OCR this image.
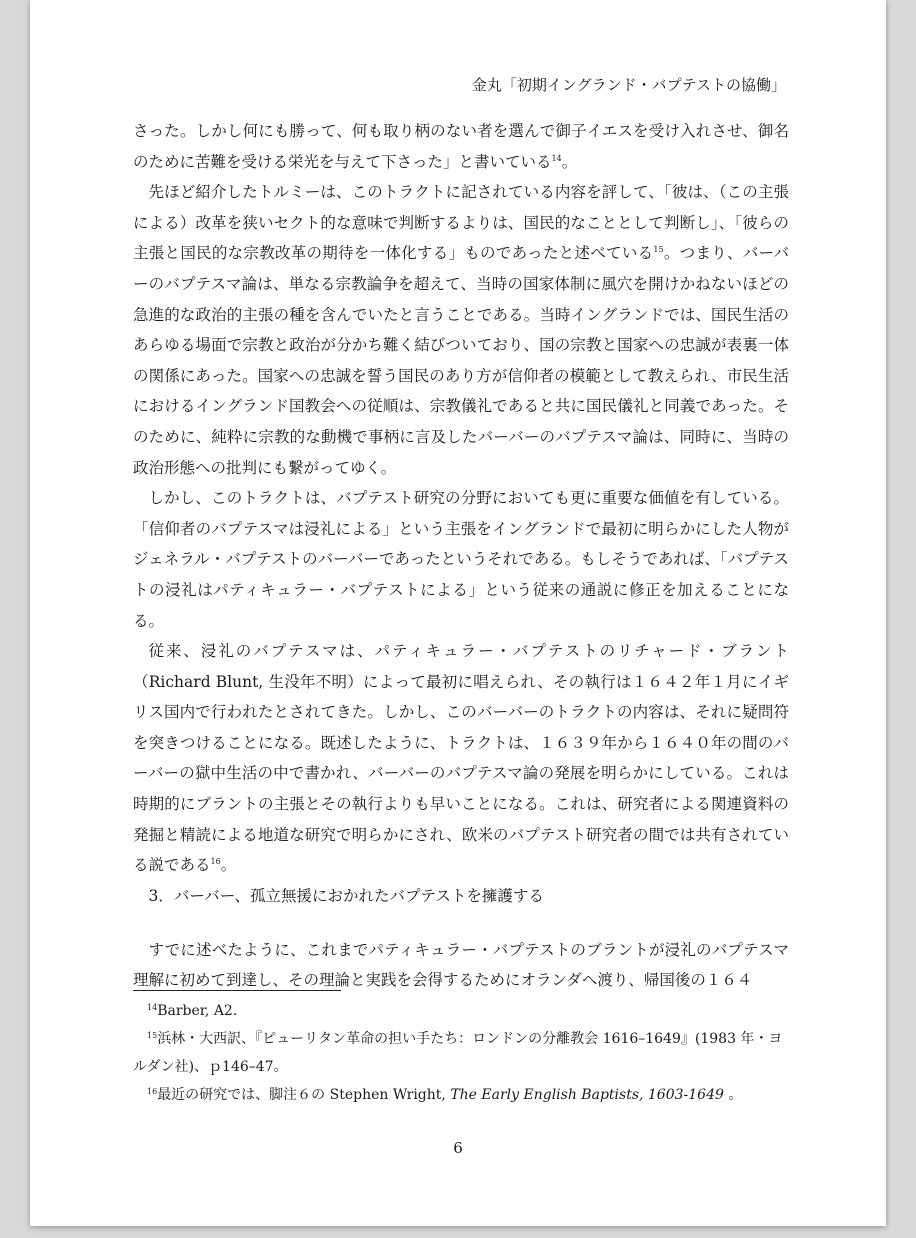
金丸「初期イングランド・バプテストの協働」

さった。しかし何にも勝って、何も取り柄のない者を選んで御子イエスを受け入れさせ、御名のために苦難を受ける栄光を与えて下さった」と書いている$^{14}$。

先ほど紹介したトルミーは、このトラクトに記されている内容を評して、「彼は、（この主張による）改革を狭いセクト的な意味で判断するよりは、国民的なこととして判断し」、「彼らの主張と国民的な宗教改革の期待を一体化する」ものであったと述べている$^{15}$。つまり、バーバーのバプテスマ論は、単なる宗教論争を超えて、当時の国家体制に風穴を開けかねないほどの急進的な政治的主張の種を含んでいたと言うことである。当時イングランドでは、国民生活のあらゆる場面で宗教と政治が分かち難く結びついており、国の宗教と国家への忠誠が表裏一体の関係にあった。国家への忠誠を誓う国民のあり方が信仰者の模範として教えられ、市民生活におけるイングランド国教会への従順は、宗教儀礼であると共に国民儀礼と同義であった。そのために、純粋に宗教的な動機で事柄に言及したバーバーのバプテスマ論は、同時に、当時の政治形態への批判にも繋がってゆく。

しかし、このトラクトは、バプテスト研究の分野においても更に重要な価値を有している。「信仰者のバプテスマは浸礼による」という主張をイングランドで最初に明らかにした人物がジェネラル・バプテストのバーバーであったというそれである。もしそうであれば、「バプテストの浸礼はパティキュラー・バプテストによる」という従来の通説に修正を加えることになる。

従来、浸礼のバプテスマは、パティキュラー・バプテストのリチャード・ブラント（Richard Blunt, 生没年不明）によって最初に唱えられ、その執行は１６４２年１月にイギリス国内で行われたとされてきた。しかし、このバーバーのトラクトの内容は、それに疑問符を突きつけることになる。既述したように、トラクトは、１６３９年から１６４０年の間のバーバーの獄中生活の中で書かれ、バーバーのバプテスマ論の発展を明らかにしている。これは時期的にブラントの主張とその執行よりも早いことになる。これは、研究者による関連資料の発掘と精読による地道な研究で明らかにされ、欧米のバプテスト研究者の間では共有されている説である$^{16}$。

3．バーバー、孤立無援におかれたバプテストを擁護する

すでに述べたように、これまでパティキュラー・バプテストのブラントが浸礼のバプテスマ理解に初めて到達し、その理論と実践を会得するためにオランダへ渡り、帰国後の１６４

$^{14}$Barber, A2.

$^{15}$浜林・大西訳、『ピューリタン革命の担い手たち：ロンドンの分離教会 1616–1649』(1983 年・ヨ

ルダン社)、ｐ146–47。

$^{16}$最近の研究では、脚注６の Stephen Wright, The Early English Baptists, 1603-1649 。

6
